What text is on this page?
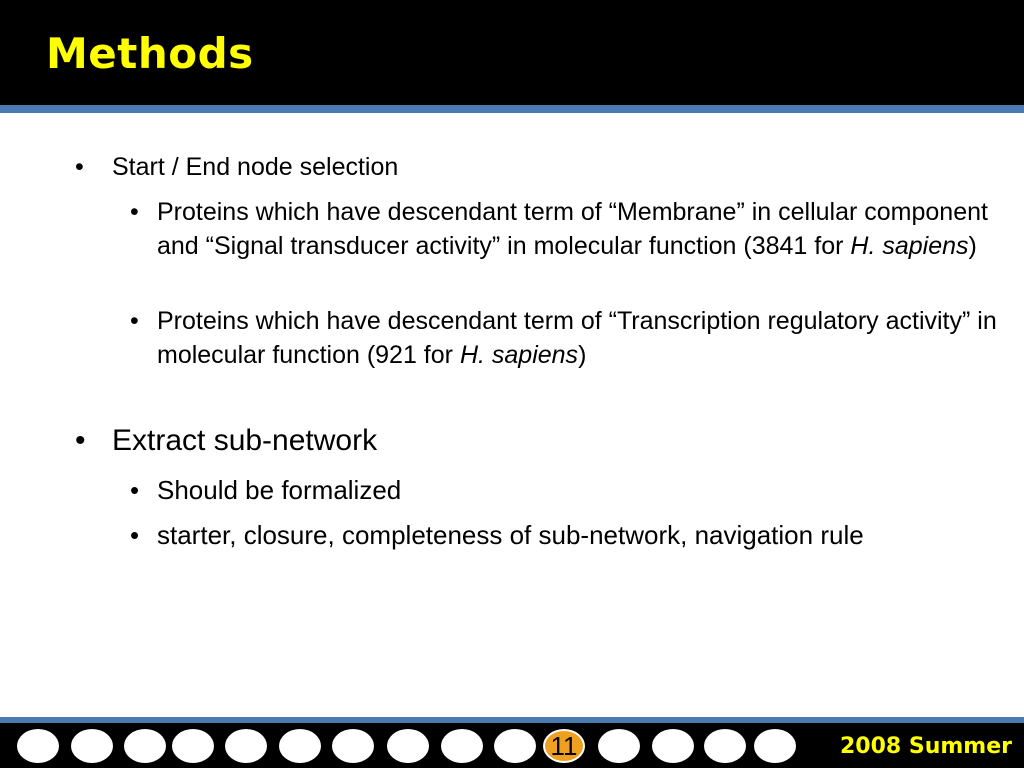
Methods
• Start / End node selection
• Proteins which have descendant term of “Membrane” in cellular component and “Signal transducer activity” in molecular function (3841 for H. sapiens)
• Proteins which have descendant term of “Transcription regulatory activity” in molecular function (921 for H. sapiens)
• Extract sub-network
• Should be formalized
• starter, closure, completeness of sub-network, navigation rule
11	2008 Summer
